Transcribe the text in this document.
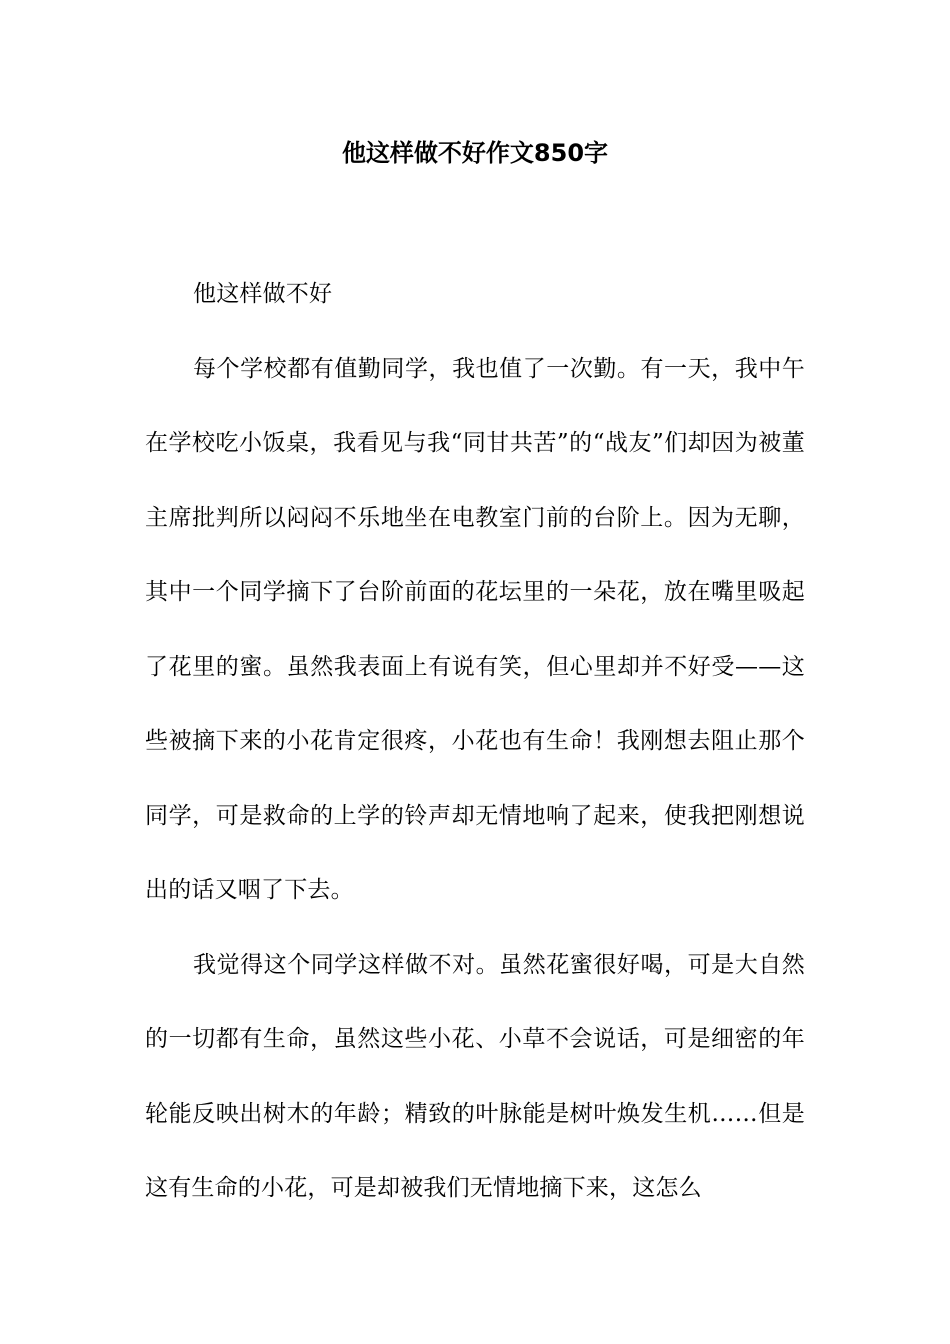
他这样做不好作文850字

他这样做不好

每个学校都有值勤同学，我也值了一次勤。有一天，我中午在学校吃小饭桌，我看见与我“同甘共苦”的“战友”们却因为被董主席批判所以闷闷不乐地坐在电教室门前的台阶上。因为无聊，其中一个同学摘下了台阶前面的花坛里的一朵花，放在嘴里吸起了花里的蜜。虽然我表面上有说有笑，但心里却并不好受——这些被摘下来的小花肯定很疼，小花也有生命！我刚想去阻止那个同学，可是救命的上学的铃声却无情地响了起来，使我把刚想说出的话又咽了下去。

我觉得这个同学这样做不对。虽然花蜜很好喝，可是大自然的一切都有生命，虽然这些小花、小草不会说话，可是细密的年轮能反映出树木的年龄；精致的叶脉能是树叶焕发生机……但是这有生命的小花，可是却被我们无情地摘下来，这怎么
